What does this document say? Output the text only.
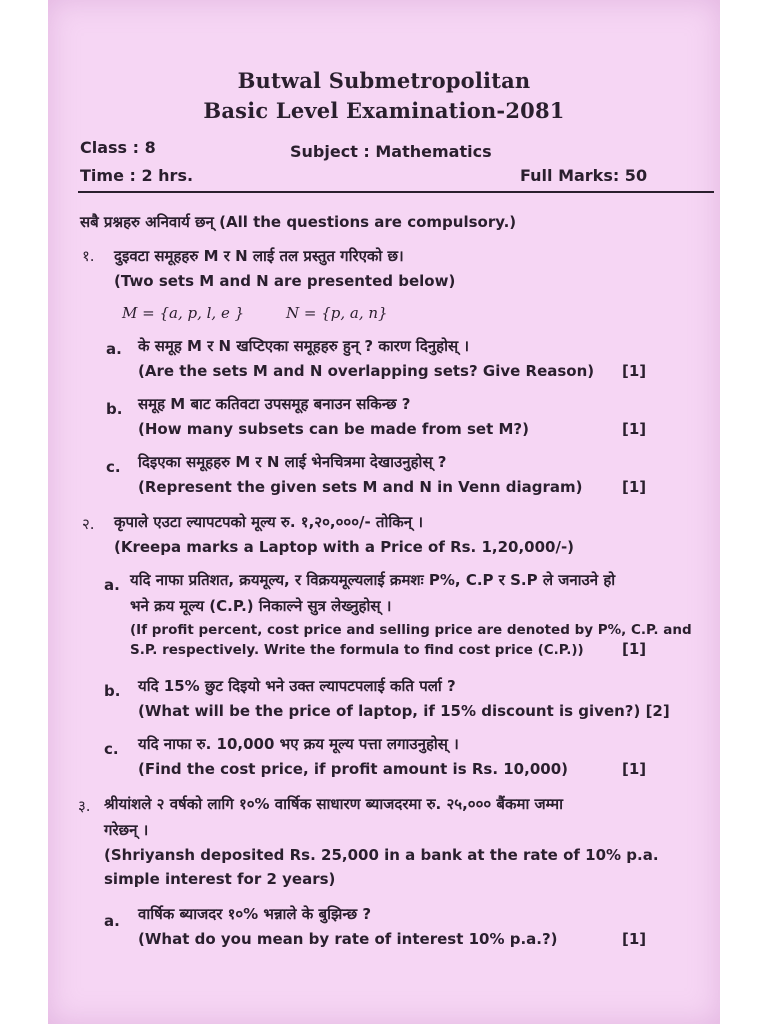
Butwal Submetropolitan
Basic Level Examination-2081
Class : 8	Subject : Mathematics
Time : 2 hrs.	Full Marks: 50
सबै प्रश्नहरु अनिवार्य छन् (All the questions are compulsory.)
१. दुइवटा समूहहरु M र N लाई तल प्रस्तुत गरिएको छ।
(Two sets M and N are presented below)
M = {a, p, l, e }	N = {p, a, n}
a. के समूह M र N खप्टिएका समूहहरु हुन् ? कारण दिनुहोस् ।
(Are the sets M and N overlapping sets? Give Reason) [1]
b. समूह M बाट कतिवटा उपसमूह बनाउन सकिन्छ ?
(How many subsets can be made from set M?)	[1]
c. दिइएका समूहहरु M र N लाई भेनचित्रमा देखाउनुहोस् ?
(Represent the given sets M and N in Venn diagram)	[1]
२. कृपाले एउटा ल्यापटपको मूल्य रु. १,२०,०००/- तोकिन् ।
(Kreepa marks a Laptop with a Price of Rs. 1,20,000/-)
a. यदि नाफा प्रतिशत, क्रयमूल्य, र विक्रयमूल्यलाई क्रमशः P%, C.P र S.P ले जनाउने हो
भने क्रय मूल्य (C.P.) निकाल्ने सुत्र लेख्नुहोस् ।
(If profit percent, cost price and selling price are denoted by P%, C.P. and
S.P. respectively. Write the formula to find cost price (C.P.))	[1]
b. यदि 15% छुट दिइयो भने उक्त ल्यापटपलाई कति पर्ला ?
(What will be the price of laptop, if 15% discount is given?) [2]
c. यदि नाफा रु. 10,000 भए क्रय मूल्य पत्ता लगाउनुहोस् ।
(Find the cost price, if profit amount is Rs. 10,000)	[1]
३. श्रीयांशले २ वर्षको लागि १०% वार्षिक साधारण ब्याजदरमा रु. २५,००० बैंकमा जम्मा
गरेछन् ।
(Shriyansh deposited Rs. 25,000 in a bank at the rate of 10% p.a.
simple interest for 2 years)
a. वार्षिक ब्याजदर १०% भन्नाले के बुझिन्छ ?
(What do you mean by rate of interest 10% p.a.?)	[1]
